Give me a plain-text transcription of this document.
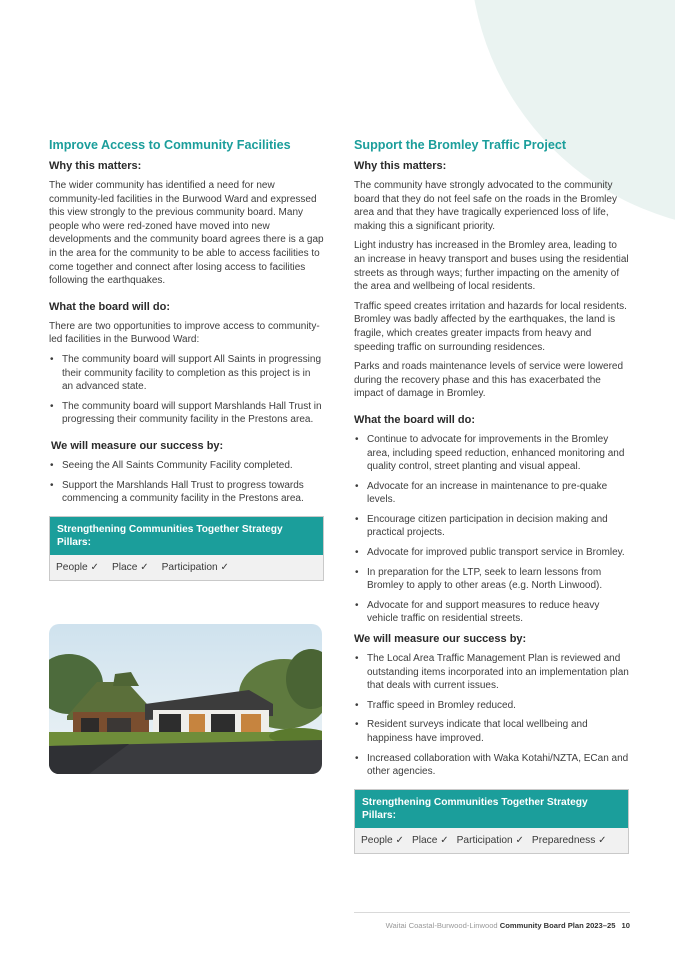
Improve Access to Community Facilities
Why this matters:

The wider community has identified a need for new community-led facilities in the Burwood Ward and expressed this view strongly to the previous community board. Many people who were red-zoned have moved into new developments and the community board agrees there is a gap in the area for the community to be able to access facilities to come together and connect after losing access to facilities following the earthquakes.

What the board will do:

There are two opportunities to improve access to community-led facilities in the Burwood Ward:

• The community board will support All Saints in progressing their community facility to completion as this project is in an advanced state.
• The community board will support Marshlands Hall Trust in progressing their community facility in the Prestons area.
We will measure our success by:
• Seeing the All Saints Community Facility completed.
• Support the Marshlands Hall Trust to progress towards commencing a community facility in the Prestons area.
Strengthening Communities Together Strategy Pillars:
People ✓ Place ✓ Participation ✓
Support the Bromley Traffic Project
Why this matters:

The community have strongly advocated to the community board that they do not feel safe on the roads in the Bromley area and that they have tragically experienced loss of life, making this a significant priority.

Light industry has increased in the Bromley area, leading to an increase in heavy transport and buses using the residential streets as through ways; further impacting on the amenity of the area and wellbeing of local residents.

Traffic speed creates irritation and hazards for local residents. Bromley was badly affected by the earthquakes, the land is fragile, which creates greater impacts from heavy and speeding traffic on surrounding residences.

Parks and roads maintenance levels of service were lowered during the recovery phase and this has exacerbated the impact of damage in Bromley.

What the board will do:
• Continue to advocate for improvements in the Bromley area, including speed reduction, enhanced monitoring and quality control, street planting and visual appeal.
• Advocate for an increase in maintenance to pre-quake levels.
• Encourage citizen participation in decision making and practical projects.
• Advocate for improved public transport service in Bromley.
• In preparation for the LTP, seek to learn lessons from Bromley to apply to other areas (e.g. North Linwood).
• Advocate for and support measures to reduce heavy vehicle traffic on residential streets.
We will measure our success by:
• The Local Area Traffic Management Plan is reviewed and outstanding items incorporated into an implementation plan that deals with current issues.
• Traffic speed in Bromley reduced.
• Resident surveys indicate that local wellbeing and happiness have improved.
• Increased collaboration with Waka Kotahi/NZTA, ECan and other agencies.
Strengthening Communities Together Strategy Pillars:
People ✓ Place ✓ Participation ✓ Preparedness ✓
Waitai Coastal-Burwood-Linwood Community Board Plan 2023–25 10
